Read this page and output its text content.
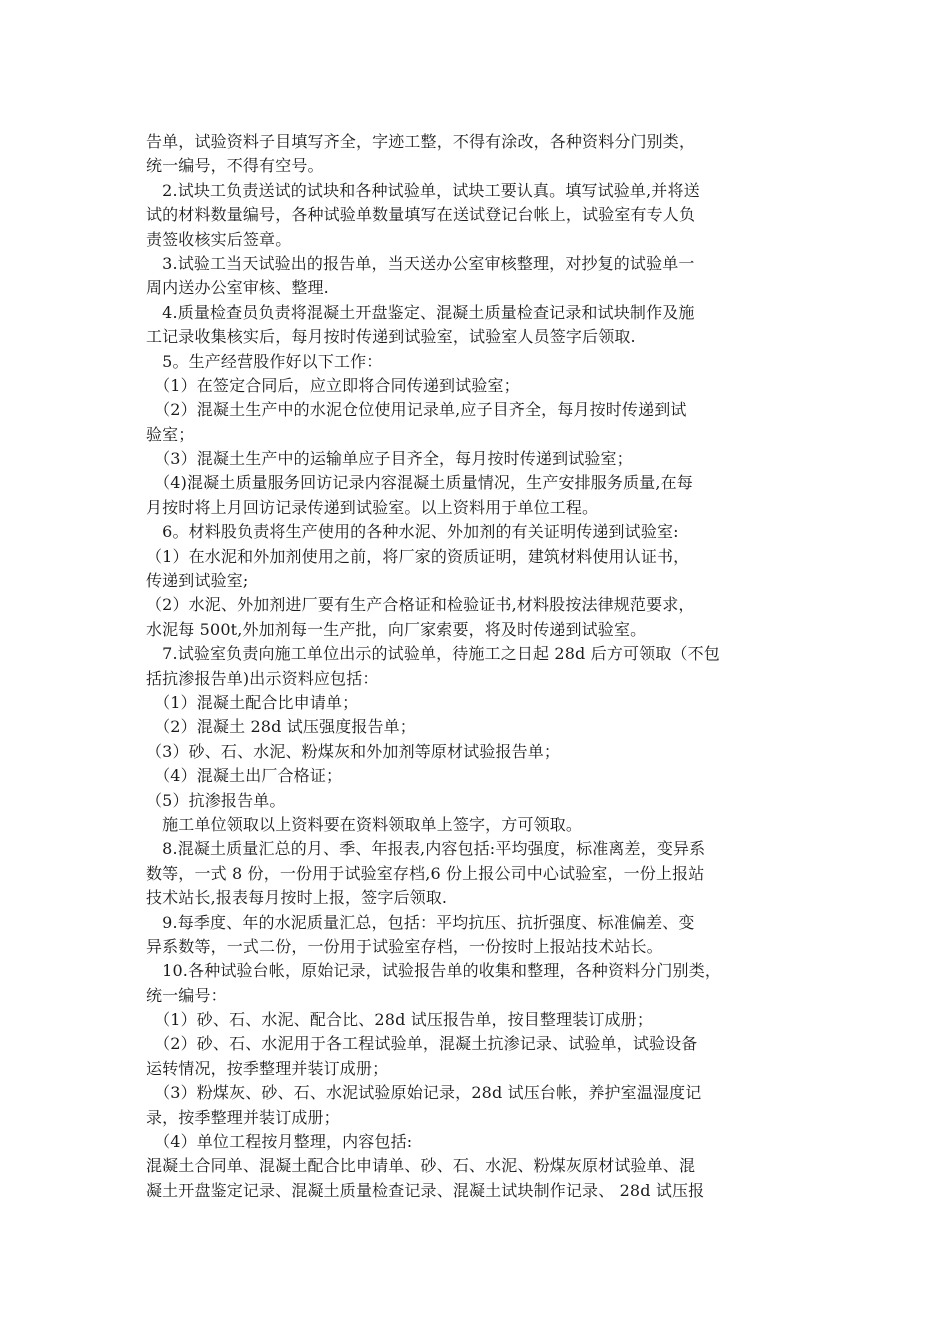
告单，试验资料子目填写齐全，字迹工整，不得有涂改，各种资料分门别类，
统一编号，不得有空号。
　2.试块工负责送试的试块和各种试验单，试块工要认真。填写试验单,并将送
试的材料数量编号，各种试验单数量填写在送试登记台帐上，试验室有专人负
责签收核实后签章。
　3.试验工当天试验出的报告单，当天送办公室审核整理，对抄复的试验单一
周内送办公室审核、整理.
　4.质量检查员负责将混凝土开盘鉴定、混凝土质量检查记录和试块制作及施
工记录收集核实后，每月按时传递到试验室，试验室人员签字后领取.
　5。生产经营股作好以下工作：
　（1）在签定合同后，应立即将合同传递到试验室；
　（2）混凝土生产中的水泥仓位使用记录单,应子目齐全，每月按时传递到试
验室；
　（3）混凝土生产中的运输单应子目齐全，每月按时传递到试验室；
　（4)混凝土质量服务回访记录内容混凝土质量情况，生产安排服务质量,在每
月按时将上月回访记录传递到试验室。以上资料用于单位工程。
　6。材料股负责将生产使用的各种水泥、外加剂的有关证明传递到试验室:
（1）在水泥和外加剂使用之前，将厂家的资质证明，建筑材料使用认证书，
传递到试验室;
（2）水泥、外加剂进厂要有生产合格证和检验证书,材料股按法律规范要求，
水泥每 500t,外加剂每一生产批，向厂家索要，将及时传递到试验室。
　7.试验室负责向施工单位出示的试验单，待施工之日起 28d 后方可领取（不包
括抗渗报告单)出示资料应包括：
　（1）混凝土配合比申请单；
　（2）混凝土 28d 试压强度报告单；
（3）砂、石、水泥、粉煤灰和外加剂等原材试验报告单；
　（4）混凝土出厂合格证；
（5）抗渗报告单。
　施工单位领取以上资料要在资料领取单上签字，方可领取。
　8.混凝土质量汇总的月、季、年报表,内容包括:平均强度，标准离差，变异系
数等，一式 8 份，一份用于试验室存档,6 份上报公司中心试验室，一份上报站
技术站长,报表每月按时上报，签字后领取.
　9.每季度、年的水泥质量汇总，包括：平均抗压、抗折强度、标准偏差、变
异系数等，一式二份，一份用于试验室存档，一份按时上报站技术站长。
　10.各种试验台帐，原始记录，试验报告单的收集和整理，各种资料分门别类，
统一编号：
　（1）砂、石、水泥、配合比、28d 试压报告单，按目整理装订成册；
　（2）砂、石、水泥用于各工程试验单，混凝土抗渗记录、试验单，试验设备
运转情况，按季整理并装订成册；
　（3）粉煤灰、砂、石、水泥试验原始记录，28d 试压台帐，养护室温湿度记
录，按季整理并装订成册；
　（4）单位工程按月整理，内容包括:
混凝土合同单、混凝土配合比申请单、砂、石、水泥、粉煤灰原材试验单、混
凝土开盘鉴定记录、混凝土质量检查记录、混凝土试块制作记录、 28d 试压报
